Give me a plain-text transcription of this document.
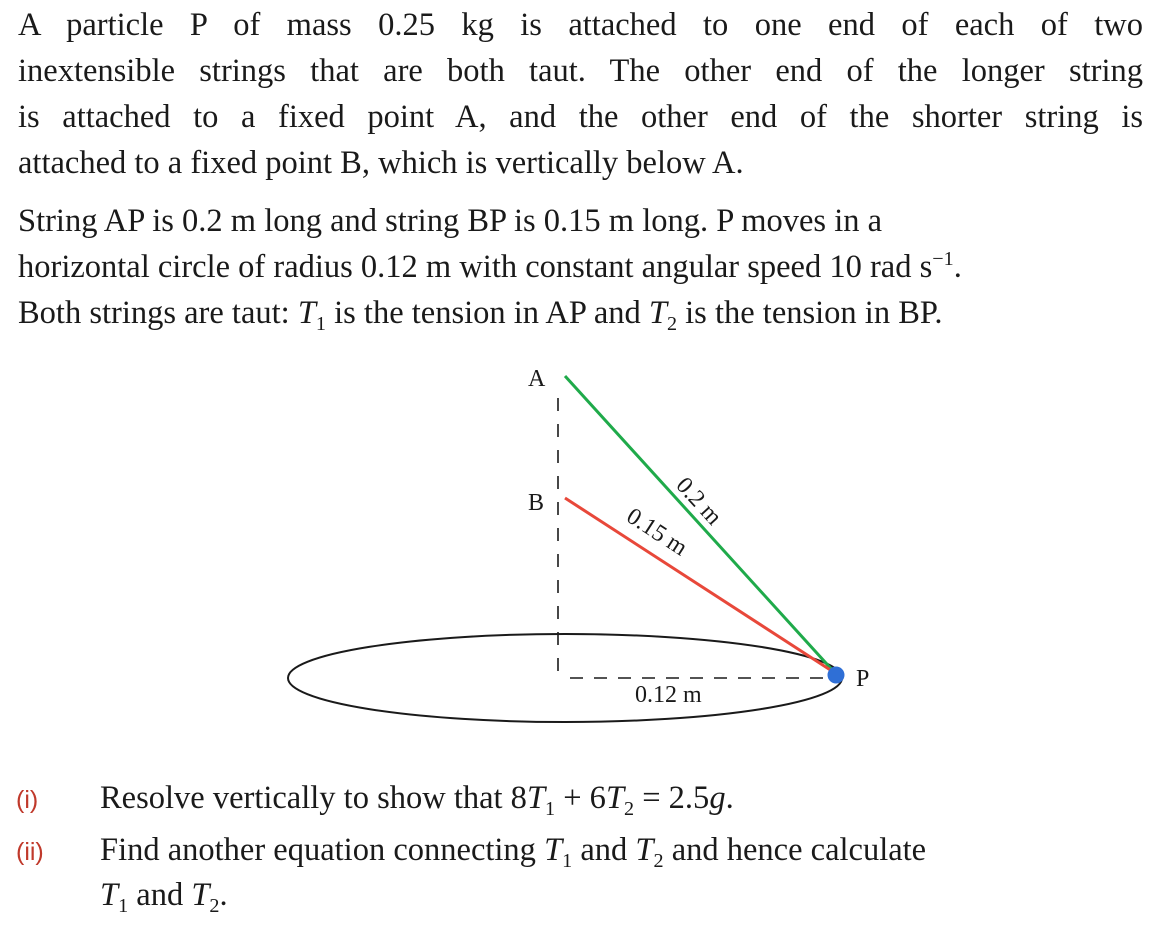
A particle P of mass 0.25 kg is attached to one end of each of two
inextensible strings that are both taut. The other end of the longer string
is attached to a fixed point A, and the other end of the shorter string is
attached to a fixed point B, which is vertically below A.
String AP is 0.2 m long and string BP is 0.15 m long. P moves in a
horizontal circle of radius 0.12 m with constant angular speed 10 rad $s^{-1}$.
Both strings are taut: $T_1$ is the tension in AP and $T_2$ is the tension in BP.
A
B
P
0.2 m
0.15 m
0.12 m
(i) Resolve vertically to show that $8T_1 + 6T_2 = 2.5g$.
(ii) Find another equation connecting $T_1$ and $T_2$ and hence calculate
$T_1$ and $T_2$.
